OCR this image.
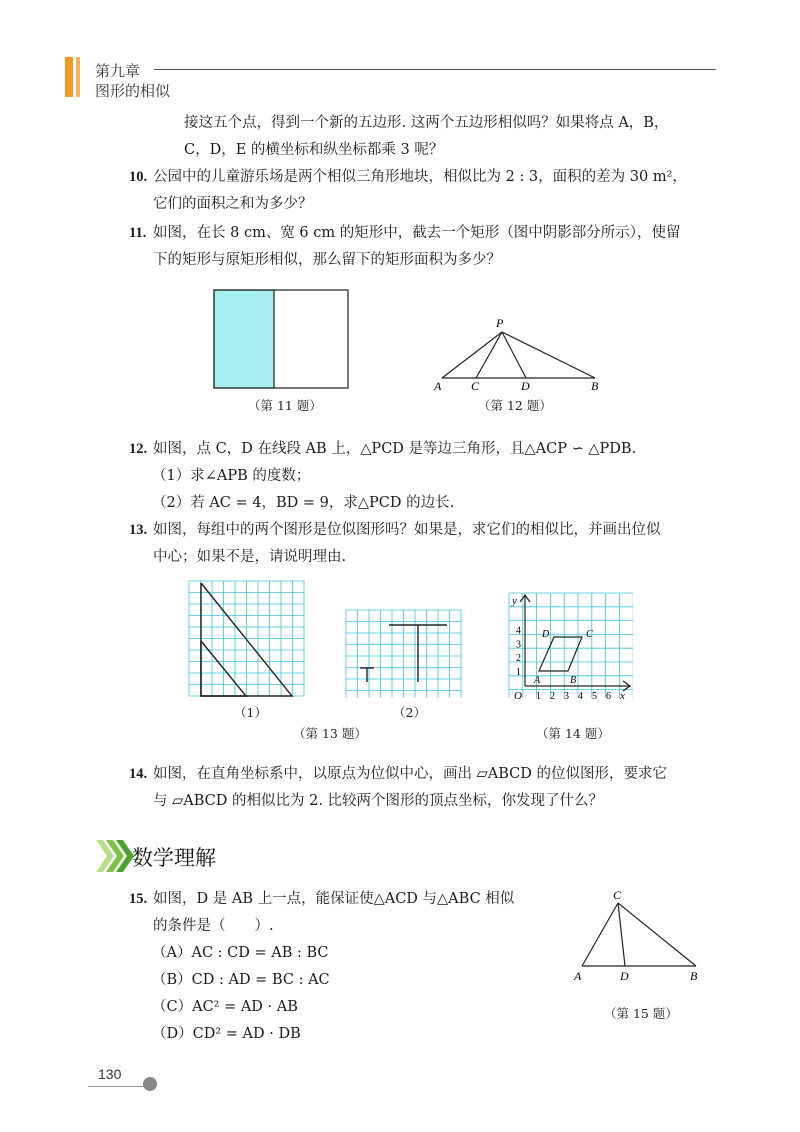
第九章
图形的相似
接这五个点，得到一个新的五边形. 这两个五边形相似吗？如果将点 A，B，
C，D，E 的横坐标和纵坐标都乘 3 呢？
10. 公园中的儿童游乐场是两个相似三角形地块，相似比为 2 : 3，面积的差为 30 m²，
它们的面积之和为多少？
11. 如图，在长 8 cm、宽 6 cm 的矩形中，截去一个矩形（图中阴影部分所示），使留
下的矩形与原矩形相似，那么留下的矩形面积为多少？
（第 11 题）
P
A C	D	B
（第 12 题）
12. 如图，点 C，D 在线段 AB 上，△PCD 是等边三角形，且△ACP ∽ △PDB.
（1）求∠APB 的度数；
（2）若 AC = 4，BD = 9，求△PCD 的边长.
13. 如图，每组中的两个图形是位似图形吗？如果是，求它们的相似比，并画出位似
中心；如果不是，请说明理由.
（1）	（2）
（第 13 题）
y
x
O
A	B
C
D
1 2 3 4 5 6
1
2
3
4
（第 14 题）
14. 如图，在直角坐标系中，以原点为位似中心，画出 ▱ABCD 的位似图形，要求它
与 ▱ABCD 的相似比为 2. 比较两个图形的顶点坐标，你发现了什么？
数学理解
15. 如图，D 是 AB 上一点，能保证使△ACD 与△ABC 相似
的条件是（　　）.
（A）AC : CD = AB : BC
（B）CD : AD = BC : AC
（C）AC² = AD · AB
（D）CD² = AD · DB
C
A	D	B
（第 15 题）
130
